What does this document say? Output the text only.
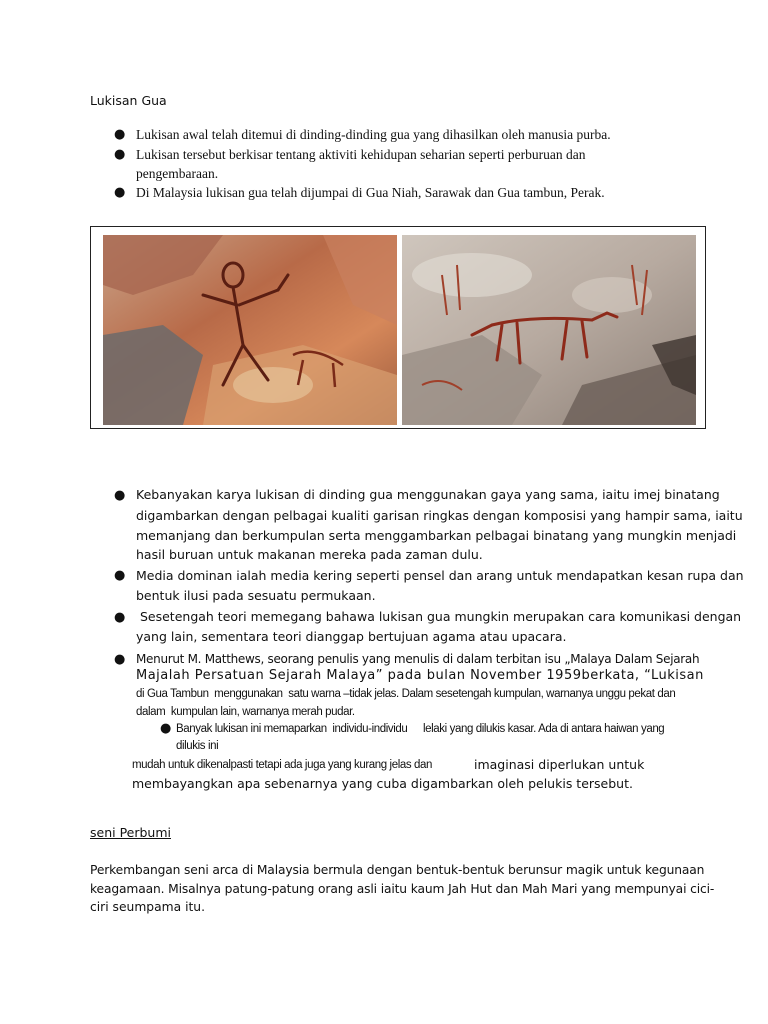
Lukisan Gua
● Lukisan awal telah ditemui di dinding-dinding gua yang dihasilkan oleh manusia purba.
● Lukisan tersebut berkisar tentang aktiviti kehidupan seharian seperti perburuan dan
pengembaraan.
● Di Malaysia lukisan gua telah dijumpai di Gua Niah, Sarawak dan Gua tambun, Perak.
● Kebanyakan karya lukisan di dinding gua menggunakan gaya yang sama, iaitu imej binatang
digambarkan dengan pelbagai kualiti garisan ringkas dengan komposisi yang hampir sama, iaitu
memanjang dan berkumpulan serta menggambarkan pelbagai binatang yang mungkin menjadi
hasil buruan untuk makanan mereka pada zaman dulu.
● Media dominan ialah media kering seperti pensel dan arang untuk mendapatkan kesan rupa dan
bentuk ilusi pada sesuatu permukaan.
● Sesetengah teori memegang bahawa lukisan gua mungkin merupakan cara komunikasi dengan
yang lain, sementara teori dianggap bertujuan agama atau upacara.
● Menurut M. Matthews, seorang penulis yang menulis di dalam terbitan isu „Malaya Dalam Sejarah
Majalah Persatuan Sejarah Malaya” pada bulan November 1959berkata, “Lukisan
di Gua Tambun  menggunakan  satu warna –tidak jelas. Dalam sesetengah kumpulan, warnanya unggu pekat dan
dalam  kumpulan lain, warnanya merah pudar.
● Banyak lukisan ini memaparkan  individu-individu lelaki yang dilukis kasar. Ada di antara haiwan yang
dilukis ini
mudah untuk dikenalpasti tetapi ada juga yang kurang jelas dan	imaginasi diperlukan untuk
membayangkan apa sebenarnya yang cuba digambarkan oleh pelukis tersebut.
seni Perbumi
Perkembangan seni arca di Malaysia bermula dengan bentuk-bentuk berunsur magik untuk kegunaan
keagamaan. Misalnya patung-patung orang asli iaitu kaum Jah Hut dan Mah Mari yang mempunyai cici-
ciri seumpama itu.
